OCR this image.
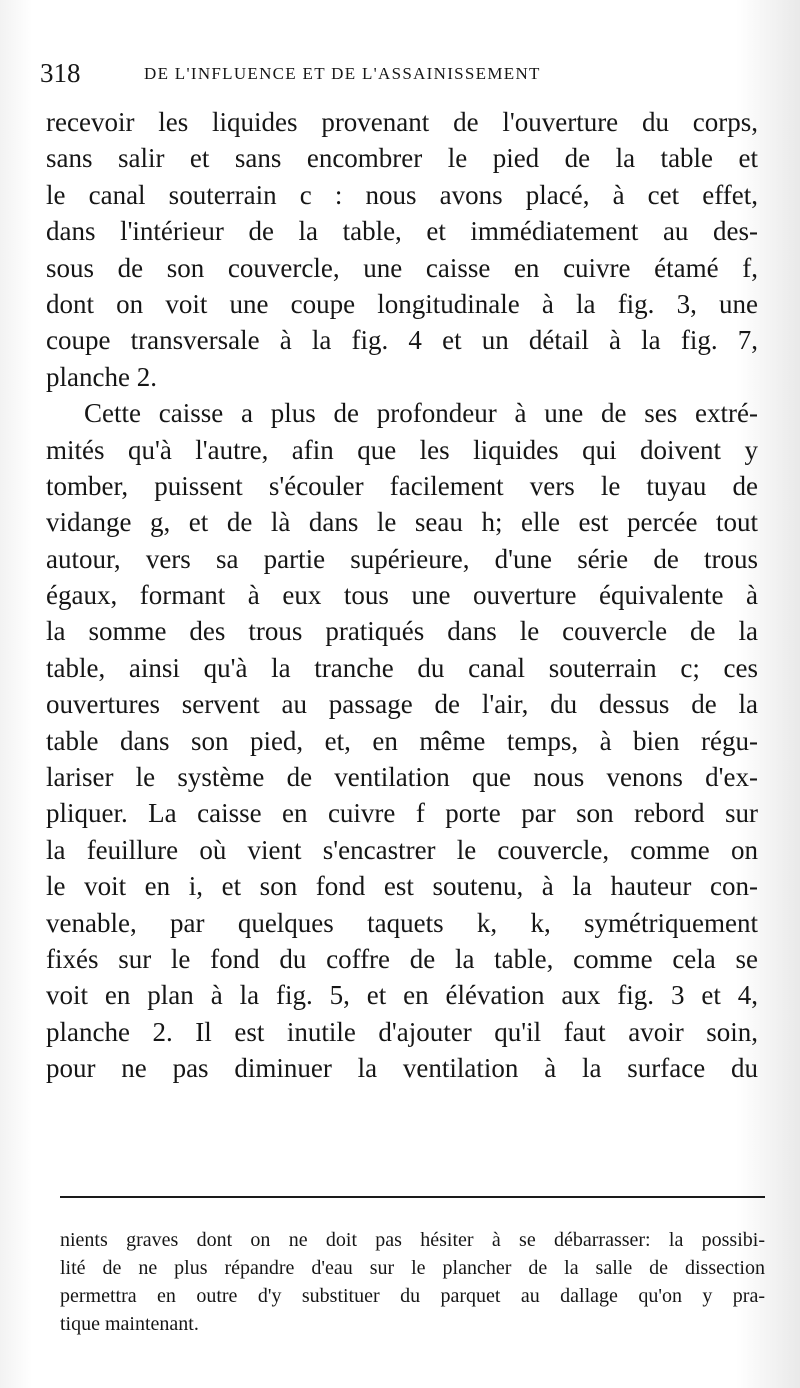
318	DE L'INFLUENCE ET DE L'ASSAINISSEMENT
recevoir les liquides provenant de l'ouverture du corps,
sans salir et sans encombrer le pied de la table et
le canal souterrain c : nous avons placé, à cet effet,
dans l'intérieur de la table, et immédiatement au des-
sous de son couvercle, une caisse en cuivre étamé f,
dont on voit une coupe longitudinale à la fig. 3, une
coupe transversale à la fig. 4 et un détail à la fig. 7,
planche 2.
Cette caisse a plus de profondeur à une de ses extré-
mités qu'à l'autre, afin que les liquides qui doivent y
tomber, puissent s'écouler facilement vers le tuyau de
vidange g, et de là dans le seau h; elle est percée tout
autour, vers sa partie supérieure, d'une série de trous
égaux, formant à eux tous une ouverture équivalente à
la somme des trous pratiqués dans le couvercle de la
table, ainsi qu'à la tranche du canal souterrain c; ces
ouvertures servent au passage de l'air, du dessus de la
table dans son pied, et, en même temps, à bien régu-
lariser le système de ventilation que nous venons d'ex-
pliquer. La caisse en cuivre f porte par son rebord sur
la feuillure où vient s'encastrer le couvercle, comme on
le voit en i, et son fond est soutenu, à la hauteur con-
venable, par quelques taquets k, k, symétriquement
fixés sur le fond du coffre de la table, comme cela se
voit en plan à la fig. 5, et en élévation aux fig. 3 et 4,
planche 2. Il est inutile d'ajouter qu'il faut avoir soin,
pour ne pas diminuer la ventilation à la surface du
nients graves dont on ne doit pas hésiter à se débarrasser: la possibi-
lité de ne plus répandre d'eau sur le plancher de la salle de dissection
permettra en outre d'y substituer du parquet au dallage qu'on y pra-
tique maintenant.
